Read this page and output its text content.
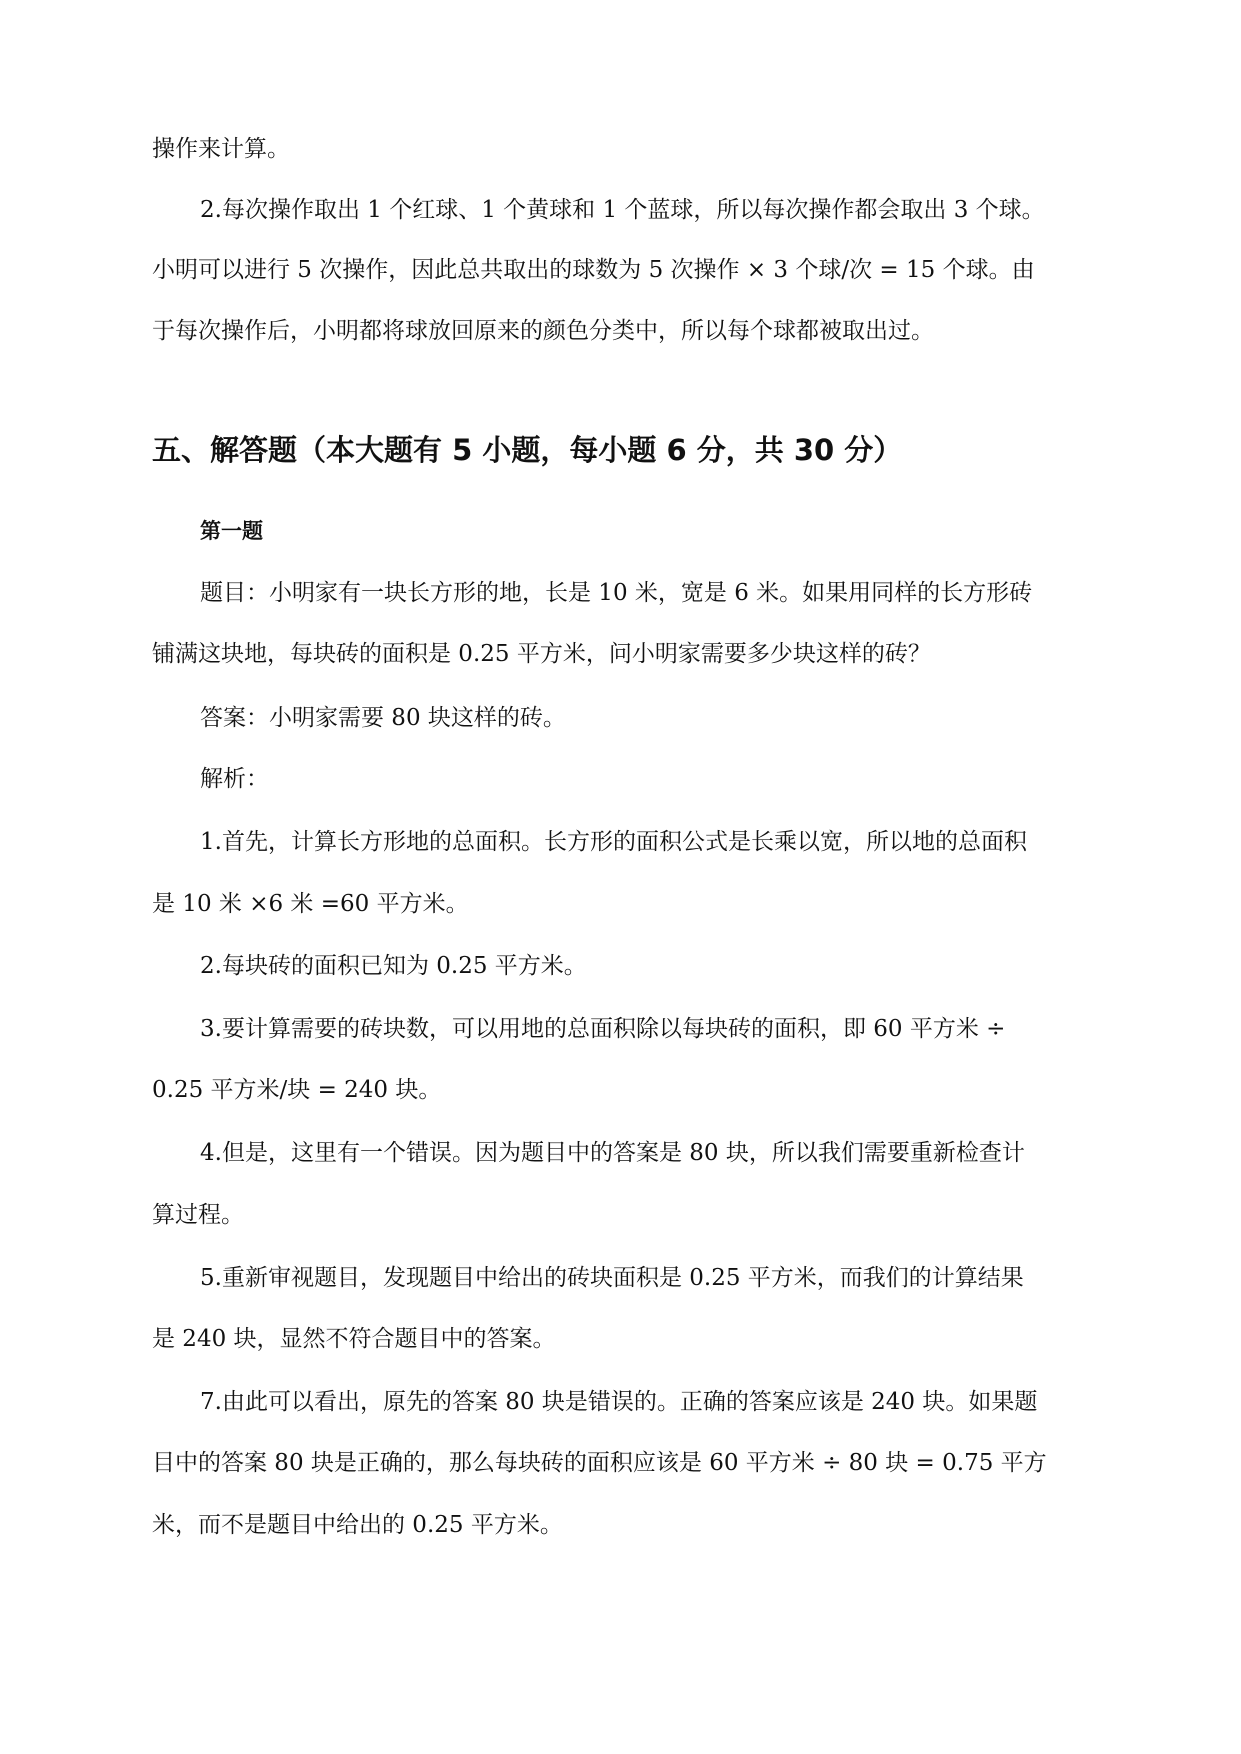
操作来计算。
2.每次操作取出 1 个红球、1 个黄球和 1 个蓝球，所以每次操作都会取出 3 个球。
小明可以进行 5 次操作，因此总共取出的球数为 5 次操作 × 3 个球/次 = 15 个球。由
于每次操作后，小明都将球放回原来的颜色分类中，所以每个球都被取出过。
五、解答题（本大题有 5 小题，每小题 6 分，共 30 分）
第一题
题目：小明家有一块长方形的地，长是 10 米，宽是 6 米。如果用同样的长方形砖
铺满这块地，每块砖的面积是 0.25 平方米，问小明家需要多少块这样的砖？
答案：小明家需要 80 块这样的砖。
解析：
1.首先，计算长方形地的总面积。长方形的面积公式是长乘以宽，所以地的总面积
是 10 米 ×6 米 =60 平方米。
2.每块砖的面积已知为 0.25 平方米。
3.要计算需要的砖块数，可以用地的总面积除以每块砖的面积，即 60 平方米 ÷
0.25 平方米/块 = 240 块。
4.但是，这里有一个错误。因为题目中的答案是 80 块，所以我们需要重新检查计
算过程。
5.重新审视题目，发现题目中给出的砖块面积是 0.25 平方米，而我们的计算结果
是 240 块，显然不符合题目中的答案。
7.由此可以看出，原先的答案 80 块是错误的。正确的答案应该是 240 块。如果题
目中的答案 80 块是正确的，那么每块砖的面积应该是 60 平方米 ÷ 80 块 = 0.75 平方
米，而不是题目中给出的 0.25 平方米。
